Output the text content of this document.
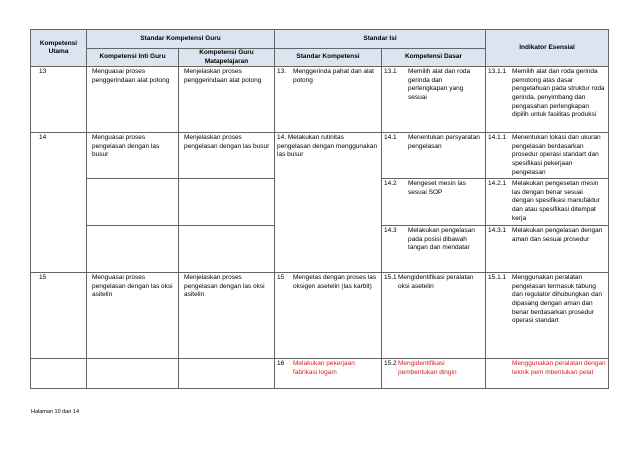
Kompetensi Utama	Standar Kompetensi Guru		Standar Isi		Indikator Esensial

	Kompetensi Inti Guru	Kompetensi Guru Matapelajaran	Standar Kompetensi	Kompetensi Dasar	

13	Menguasai proses penggerindaan alat potong	Menjelaskan proses penggerindaan alat potong	13. Menggerinda pahat dan alat potong	13.1 Memilih alat dan roda gerinda dan perlengkapan yang sesuai	13.1.1 Memilih alat dan roda gerinda pemotong atas dasar pengetahuan pada struktur roda gerinda, penyimbang dan pengasahan perlengkapan dipilih untuk fasilitas produksi

14	Menguasai proses pengelasan dengan las busur	Menjelaskan proses pengelasan dengan las busur	14. Melakukan rutinitas pengelasan dengan menggunakan las busur	14.1 Menentukan persyaratan pengelasan	14.1.1 Menentukan lokasi dan ukuran pengelasan berdasarkan prosedur operasi standart dan spesifikasi pekerjaan pengelasan

				14.2 Mengeset mesin las sesuai SOP	14.2.1 Melakukan pengesetan mesin las dengan benar sesuai dengan spesifikasi manufaktur dan atau spesifikasi ditempat kerja

				14.3 Melakukan pengelasan pada posisi dibawah tangan dan mendatar	14.3.1 Melakukan pengelasan dengan aman dan sesuai prosedur

15	Menguasai proses pengelasan dengan las oksi asitelin	Menjelaskan proses pengelasan dengan las oksi asitelin	15 Mengelas dengan proses las oksigen asetelin (las karbit)	15.1 Mengidentifikasi peralatan oksi asetelin	15.1.1 Menggunakan peralatan pengelasan termasuk tabung dan regulator dihubungkan dan dipasang dengan aman dan benar berdasarkan prosedur operasi standart

			16 Melakukan pekerjaan fabrikasi logam	15.2 Mengidentifikasi pembentukan dingin	Menggunakan peralatan dengan teknik pem mbentukan pelat
Halaman 10 dari 14
